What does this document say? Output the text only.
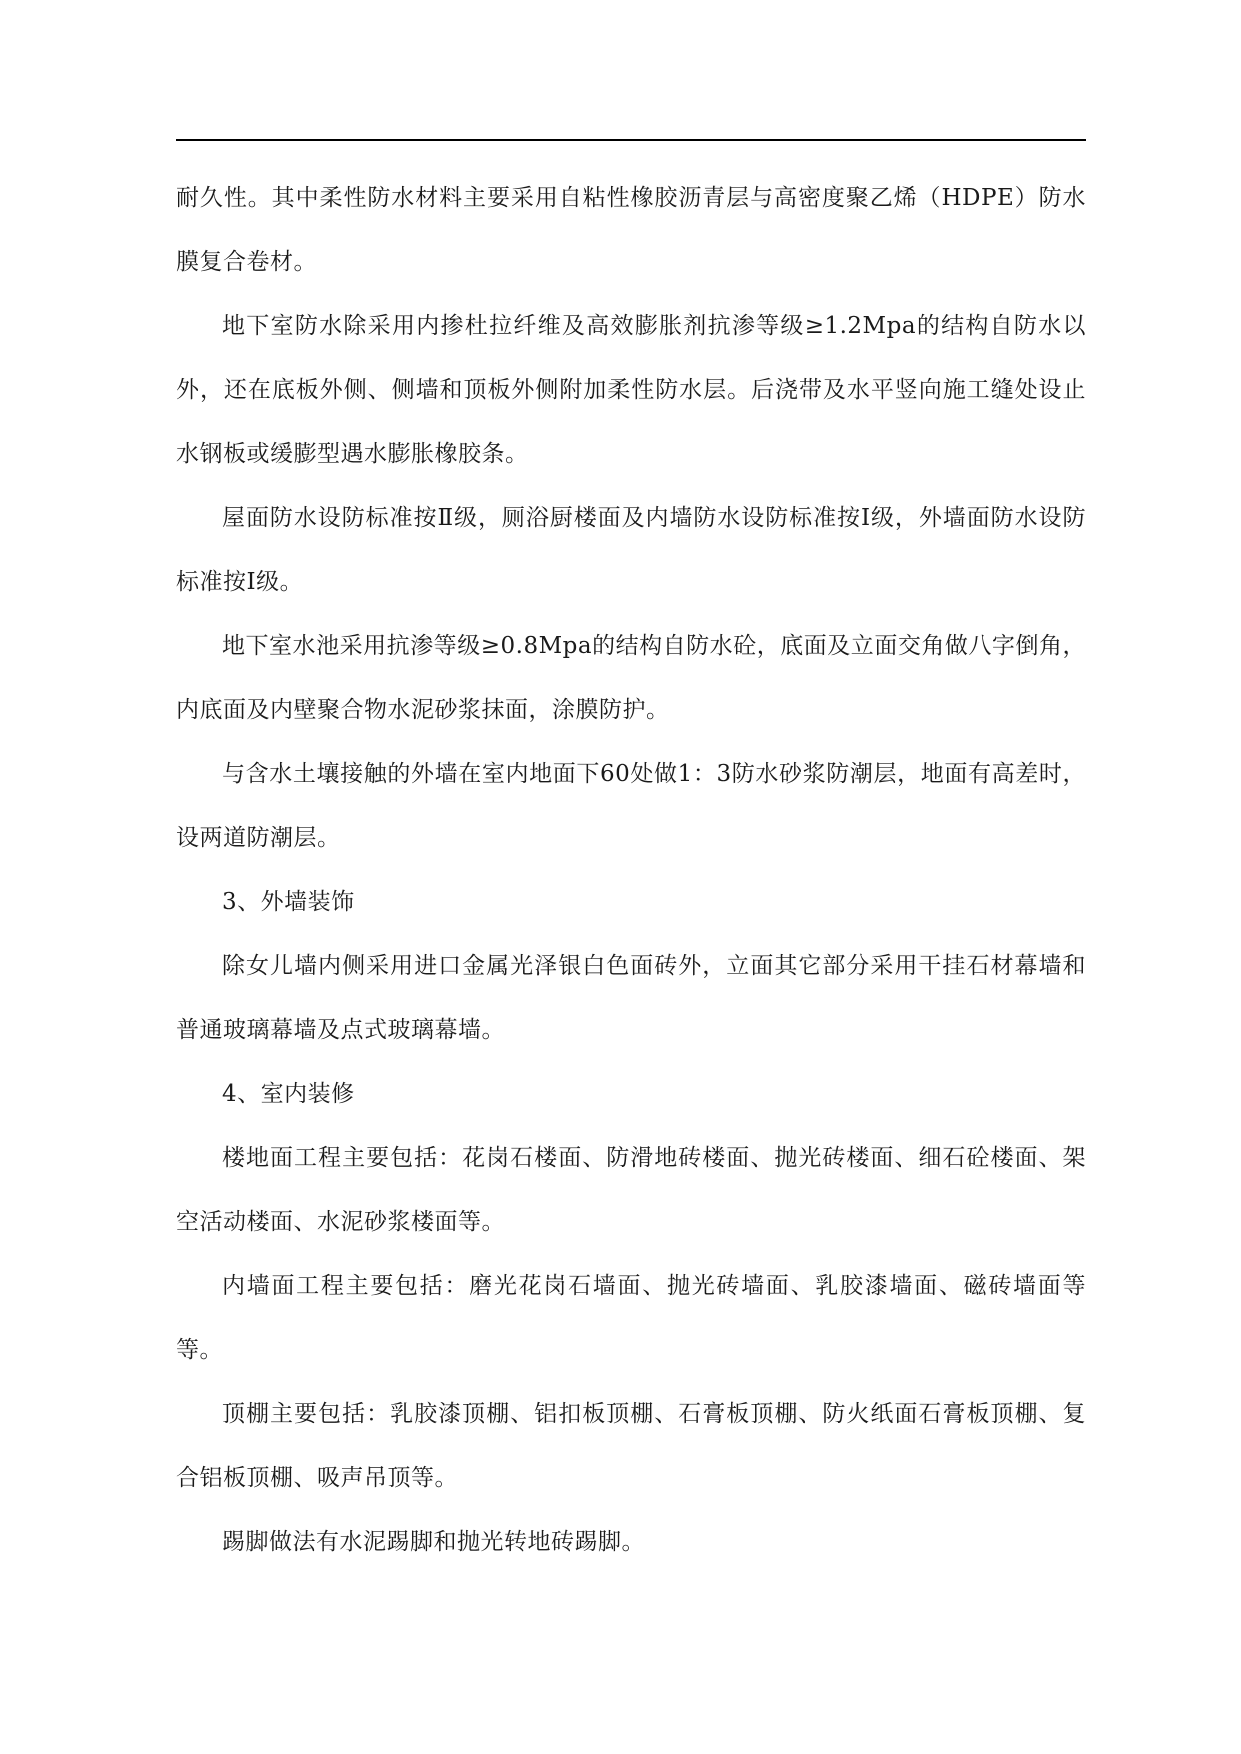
耐久性。其中柔性防水材料主要采用自粘性橡胶沥青层与高密度聚乙烯（HDPE）防水膜复合卷材。

地下室防水除采用内掺杜拉纤维及高效膨胀剂抗渗等级≥1.2Mpa的结构自防水以外，还在底板外侧、侧墙和顶板外侧附加柔性防水层。后浇带及水平竖向施工缝处设止水钢板或缓膨型遇水膨胀橡胶条。

屋面防水设防标准按Ⅱ级，厕浴厨楼面及内墙防水设防标准按Ⅰ级，外墙面防水设防标准按Ⅰ级。

地下室水池采用抗渗等级≥0.8Mpa的结构自防水砼，底面及立面交角做八字倒角，内底面及内壁聚合物水泥砂浆抹面，涂膜防护。

与含水土壤接触的外墙在室内地面下60处做1：3防水砂浆防潮层，地面有高差时，设两道防潮层。

3、外墙装饰

除女儿墙内侧采用进口金属光泽银白色面砖外，立面其它部分采用干挂石材幕墙和普通玻璃幕墙及点式玻璃幕墙。

4、室内装修

楼地面工程主要包括：花岗石楼面、防滑地砖楼面、抛光砖楼面、细石砼楼面、架空活动楼面、水泥砂浆楼面等。

内墙面工程主要包括：磨光花岗石墙面、抛光砖墙面、乳胶漆墙面、磁砖墙面等等。

顶棚主要包括：乳胶漆顶棚、铝扣板顶棚、石膏板顶棚、防火纸面石膏板顶棚、复合铝板顶棚、吸声吊顶等。

踢脚做法有水泥踢脚和抛光转地砖踢脚。
